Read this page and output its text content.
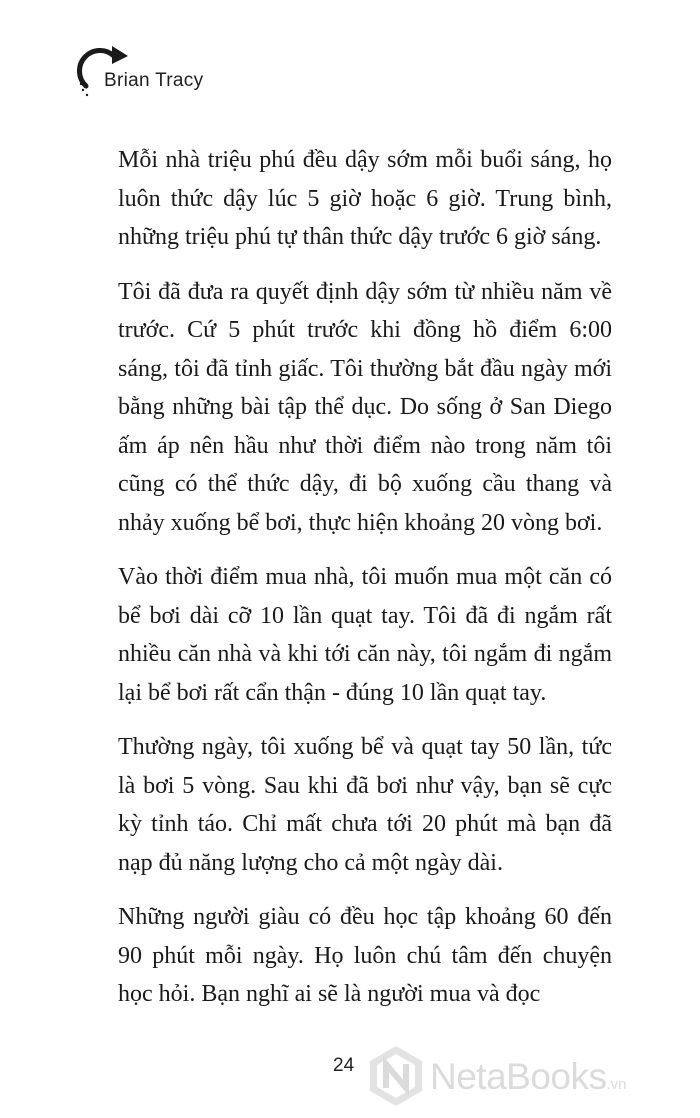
Brian Tracy

Mỗi nhà triệu phú đều dậy sớm mỗi buổi sáng, họ luôn thức dậy lúc 5 giờ hoặc 6 giờ. Trung bình, những triệu phú tự thân thức dậy trước 6 giờ sáng.

Tôi đã đưa ra quyết định dậy sớm từ nhiều năm về trước. Cứ 5 phút trước khi đồng hồ điểm 6:00 sáng, tôi đã tỉnh giấc. Tôi thường bắt đầu ngày mới bằng những bài tập thể dục. Do sống ở San Diego ấm áp nên hầu như thời điểm nào trong năm tôi cũng có thể thức dậy, đi bộ xuống cầu thang và nhảy xuống bể bơi, thực hiện khoảng 20 vòng bơi.

Vào thời điểm mua nhà, tôi muốn mua một căn có bể bơi dài cỡ 10 lần quạt tay. Tôi đã đi ngắm rất nhiều căn nhà và khi tới căn này, tôi ngắm đi ngắm lại bể bơi rất cẩn thận - đúng 10 lần quạt tay.

Thường ngày, tôi xuống bể và quạt tay 50 lần, tức là bơi 5 vòng. Sau khi đã bơi như vậy, bạn sẽ cực kỳ tỉnh táo. Chỉ mất chưa tới 20 phút mà bạn đã nạp đủ năng lượng cho cả một ngày dài.

Những người giàu có đều học tập khoảng 60 đến 90 phút mỗi ngày. Họ luôn chú tâm đến chuyện học hỏi. Bạn nghĩ ai sẽ là người mua và đọc

24 NetaBooks.vn
